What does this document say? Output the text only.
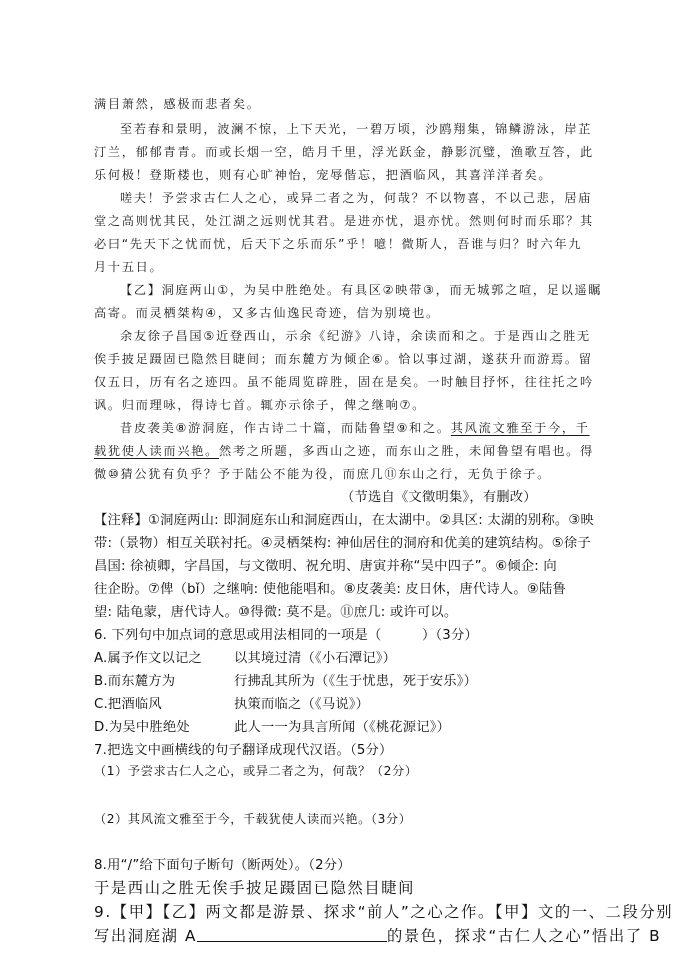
满目萧然，感极而悲者矣。
至若春和景明，波澜不惊，上下天光，一碧万顷，沙鸥翔集，锦鳞游泳，岸芷
汀兰，郁郁青青。而或长烟一空，皓月千里，浮光跃金，静影沉璧，渔歌互答，此
乐何极！登斯楼也，则有心旷神怡，宠辱偕忘，把酒临风，其喜洋洋者矣。
嗟夫！予尝求古仁人之心，或异二者之为，何哉？不以物喜，不以己悲，居庙
堂之高则忧其民，处江湖之远则忧其君。是进亦忧，退亦忧。然则何时而乐耶？其
必曰“先天下之忧而忧，后天下之乐而乐”乎！噫！微斯人，吾谁与归？时六年九
月十五日。
【乙】洞庭两山①，为吴中胜绝处。有具区②映带③，而无城郭之喧，足以遥瞩
高寄。而灵栖桀构④，又多古仙逸民奇迹，信为别境也。
余友徐子昌国⑤近登西山，示余《纪游》八诗，余读而和之。于是西山之胜无
俟手披足蹑固已隐然目睫间；而东麓方为倾企⑥。恰以事过湖，遂获升而游焉。留
仅五日，历有名之迹四。虽不能周览辟胜，固在是矣。一时触目抒怀，往往托之吟
讽。归而理咏，得诗七首。辄亦示徐子，俾之继响⑦。
昔皮袭美⑧游洞庭，作古诗二十篇，而陆鲁望⑨和之。其风流文雅至于今，千
载犹使人读而兴艳。然考之所题，多西山之迹，而东山之胜，未闻鲁望有唱也。得
微⑩猜公犹有负乎？予于陆公不能为役，而庶几⑪东山之行，无负于徐子。
（节选自《文徵明集》，有删改）
【注释】①洞庭两山: 即洞庭东山和洞庭西山，在太湖中。②具区: 太湖的别称。③映
带:（景物）相互关联衬托。④灵栖桀构: 神仙居住的洞府和优美的建筑结构。⑤徐子
昌国: 徐祯卿，字昌国，与文徵明、祝允明、唐寅并称“吴中四子”。⑥倾企: 向
往企盼。⑦俾（bǐ）之继响: 使他能唱和。⑧皮袭美: 皮日休，唐代诗人。⑨陆鲁
望: 陆龟蒙，唐代诗人。⑩得微: 莫不是。⑪庶几: 或许可以。
6. 下列句中加点词的意思或用法相同的一项是（　　　）（3分）
A.属予作文以记之 以其境过清（《小石潭记》）
B.而东麓方为	行拂乱其所为（《生于忧患，死于安乐》）
C.把酒临风	执策而临之（《马说》）
D.为吴中胜绝处	此人一一为具言所闻（《桃花源记》）
7.把选文中画横线的句子翻译成现代汉语。（5分）
（1）予尝求古仁人之心，或异二者之为，何哉？（2分）
（2）其风流文雅至于今，千载犹使人读而兴艳。（3分）
8.用“/”给下面句子断句（断两处）。（2分）
于是西山之胜无俟手披足蹑固已隐然目睫间
9.【甲】【乙】两文都是游景、探求“前人”之心之作。【甲】文的一、二段分别
写出洞庭湖 A	的景色，探求“古仁人之心”悟出了 B
